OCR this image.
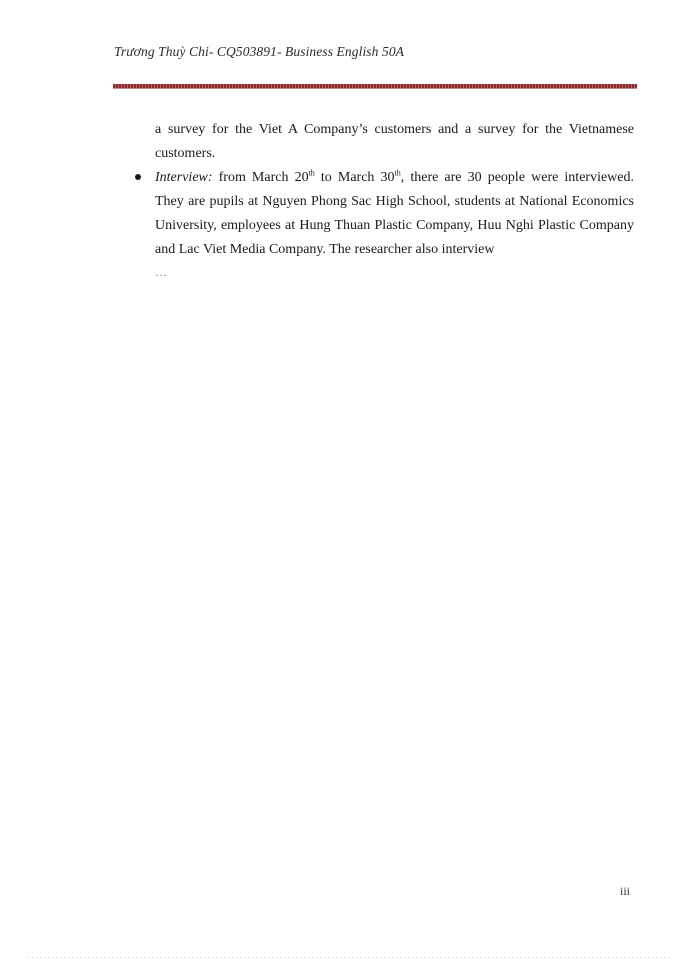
Trương Thuỳ Chi- CQ503891- Business English 50A

a survey for the Viet A Company’s customers and a survey for the Vietnamese customers.

Interview: from March 20th to March 30th, there are 30 people were interviewed. They are pupils at Nguyen Phong Sac High School, students at National Economics University, employees at Hung Thuan Plastic Company, Huu Nghi Plastic Company and Lac Viet Media Company. The researcher also interview
…

iii
